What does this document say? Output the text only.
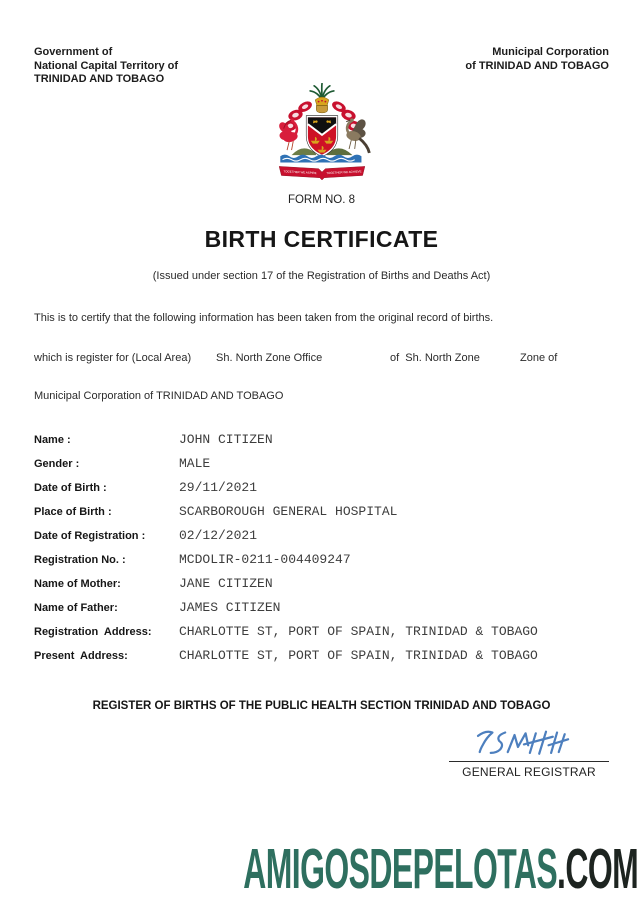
Government of
National Capital Territory of
TRINIDAD AND TOBAGO
Municipal Corporation
of TRINIDAD AND TOBAGO
TOGETHER WE ASPIRE TOGETHER WE ACHIEVE
FORM NO. 8
BIRTH CERTIFICATE
(Issued under section 17 of the Registration of Births and Deaths Act)
This is to certify that the following information has been taken from the original record of births.
which is register for (Local Area) Sh. North Zone Office	of  Sh. North Zone	Zone of
Municipal Corporation of TRINIDAD AND TOBAGO
Name :	JOHN CITIZEN
Gender :	MALE
Date of Birth :	29/11/2021
Place of Birth :	SCARBOROUGH GENERAL HOSPITAL
Date of Registration :	02/12/2021
Registration No. :	MCDOLIR-0211-004409247
Name of Mother:	JANE CITIZEN
Name of Father:	JAMES CITIZEN
Registration  Address:	CHARLOTTE ST, PORT OF SPAIN, TRINIDAD & TOBAGO
Present  Address:	CHARLOTTE ST, PORT OF SPAIN, TRINIDAD & TOBAGO
REGISTER OF BIRTHS OF THE PUBLIC HEALTH SECTION TRINIDAD AND TOBAGO
GENERAL REGISTRAR
AMIGOSDEPELOTAS.COM
